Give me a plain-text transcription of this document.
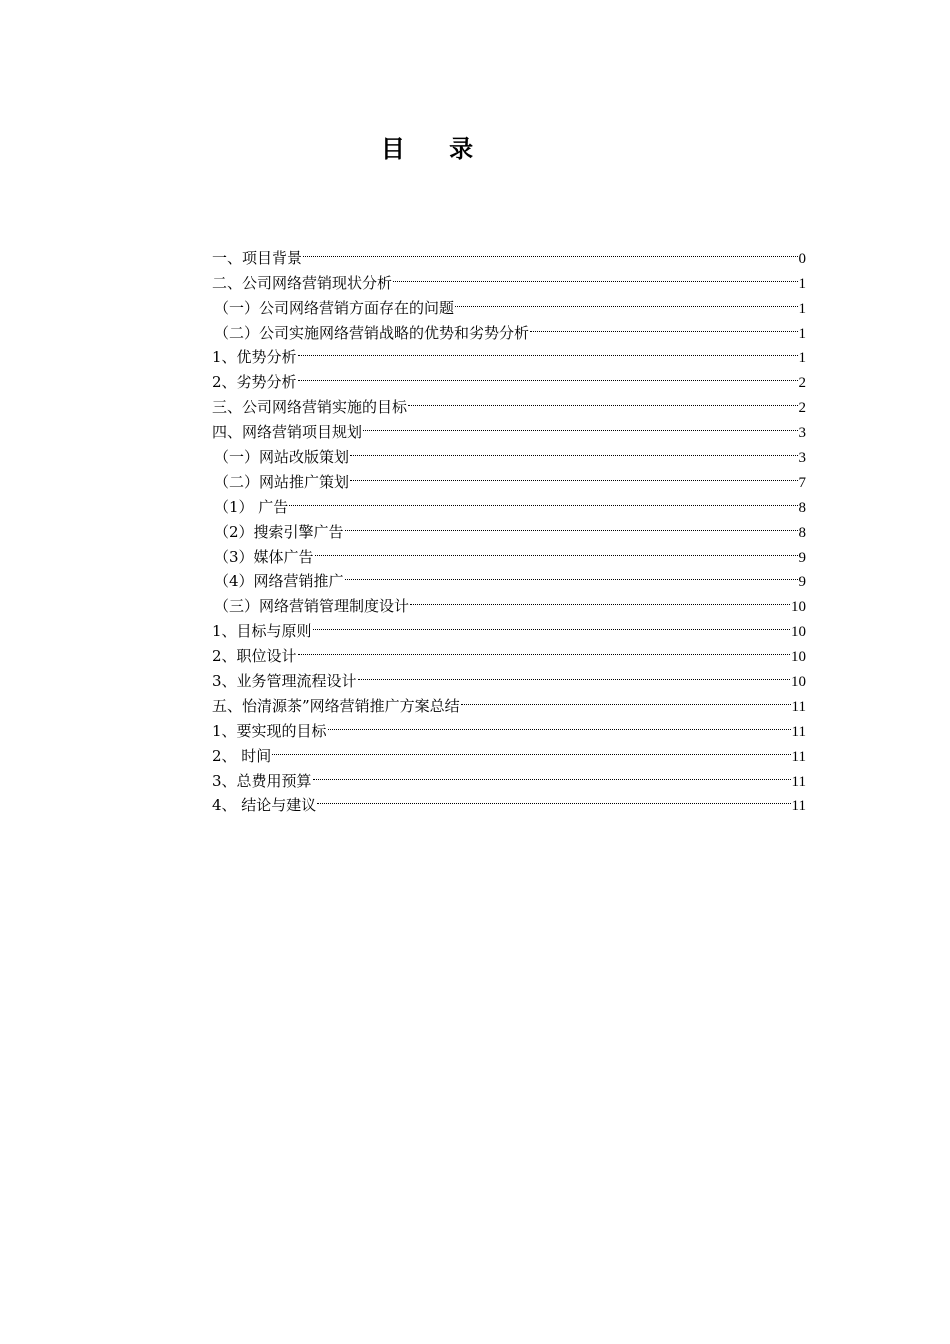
目 录
一、项目背景	0
二、公司网络营销现状分析	1
（一）公司网络营销方面存在的问题	1
（二）公司实施网络营销战略的优势和劣势分析	1
1、优势分析	1
2、劣势分析	2
三、公司网络营销实施的目标	2
四、网络营销项目规划	3
（一）网站改版策划	3
（二）网站推广策划	7
（1） 广告	8
（2）搜索引擎广告	8
（3）媒体广告	9
（4）网络营销推广	9
（三）网络营销管理制度设计	10
1、目标与原则	10
2、职位设计	10
3、业务管理流程设计	10
五、怡清源茶”网络营销推广方案总结	11
1、要实现的目标	11
2、 时间	11
3、总费用预算	11
4、 结论与建议	11
